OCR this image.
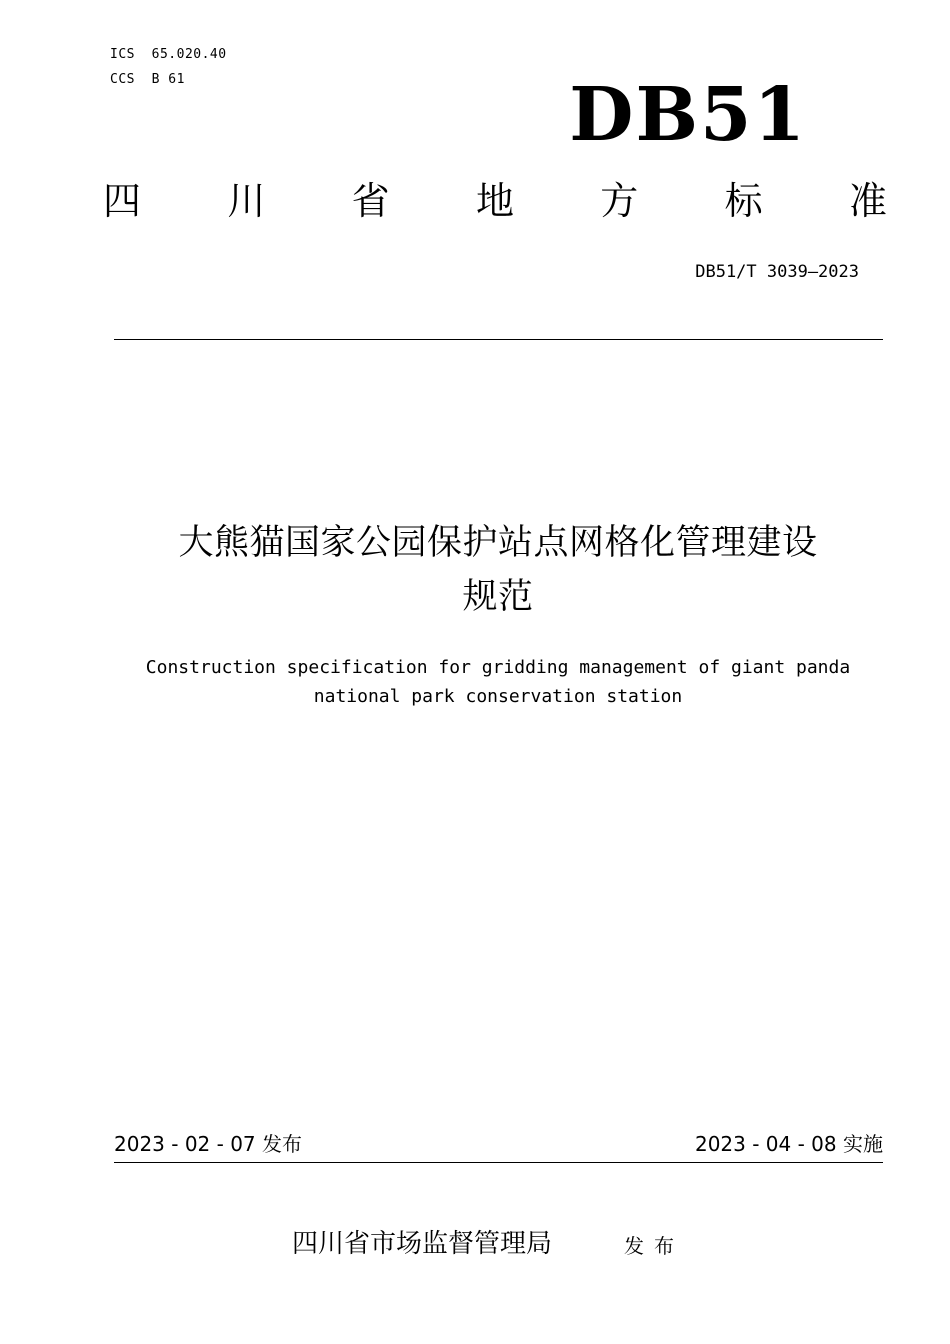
ICS  65.020.40
CCS  B 61	DB51
四 川 省 地 方 标 准
DB51/T 3039—2023
大熊猫国家公园保护站点网格化管理建设
规范
Construction specification for gridding management of giant panda
national park conservation station
2023 - 02 - 07 发布	2023 - 04 - 08 实施
四川省市场监督管理局	发布
